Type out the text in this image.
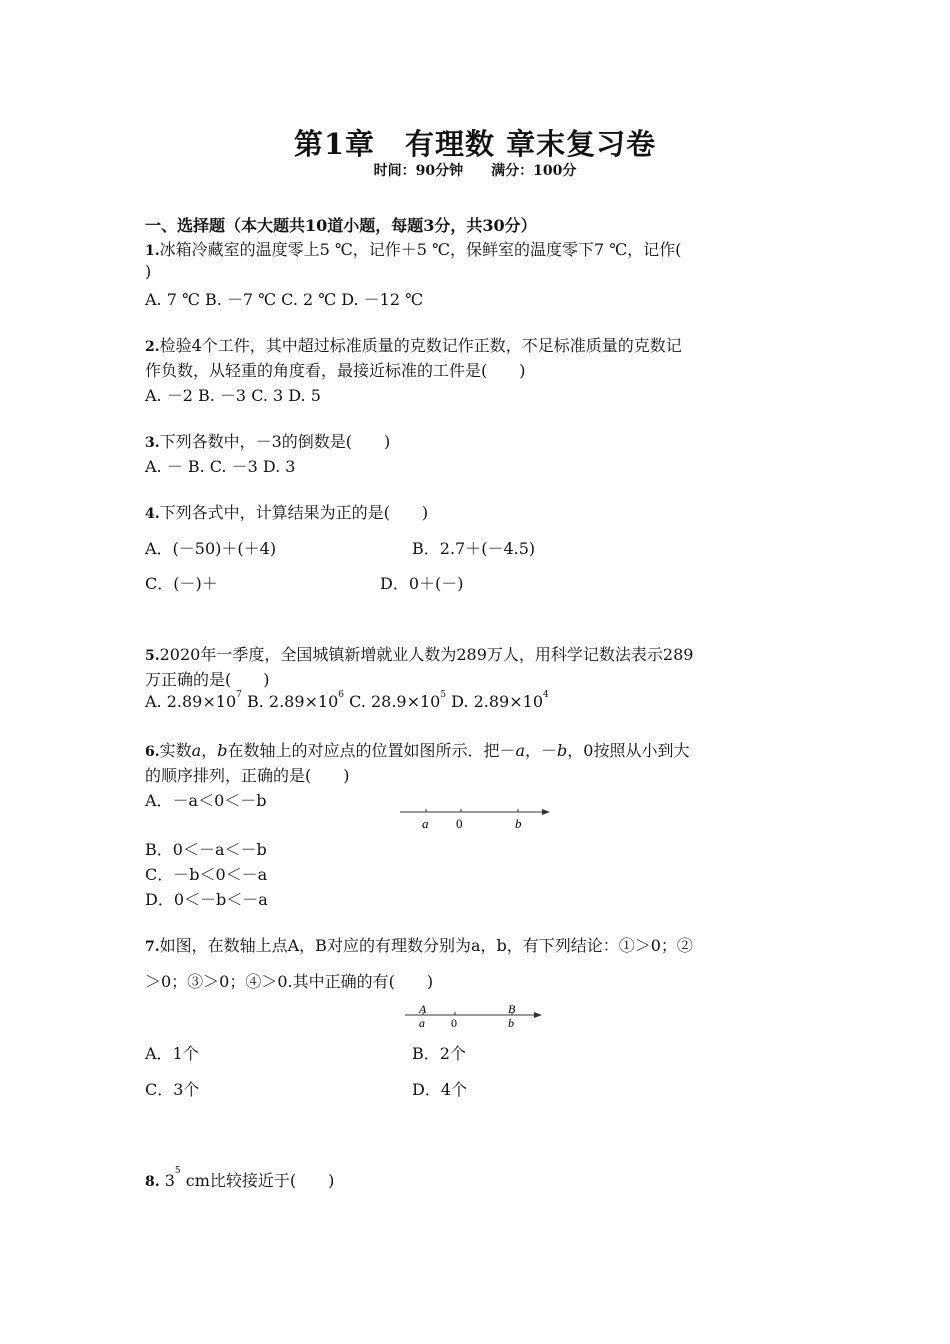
第1章　有理数 章末复习卷
时间：90分钟　　满分：100分
一、选择题（本大题共10道小题，每题3分，共30分）
1.冰箱冷藏室的温度零上5 ℃，记作＋5 ℃，保鲜室的温度零下7 ℃，记作(
)
A. 7 ℃ B. －7 ℃ C. 2 ℃ D. －12 ℃
2.检验4个工件，其中超过标准质量的克数记作正数，不足标准质量的克数记
作负数，从轻重的角度看，最接近标准的工件是(　　)
A. －2 B. －3 C. 3 D. 5
3.下列各数中，－3的倒数是(　　)
A. － B. C. －3 D. 3
4.下列各式中，计算结果为正的是(　　)
A．(－50)＋(＋4)	B．2.7＋(－4.5)
C．(－)＋	D．0＋(－)
5.2020年一季度，全国城镇新增就业人数为289万人，用科学记数法表示289
万正确的是(　　)
A. $2.89\times 10^7$ B. $2.89\times 10^6$ C. $28.9\times 10^5$ D. $2.89\times 10^4$
6.实数a，b在数轴上的对应点的位置如图所示．把－a，－b，0按照从小到大
的顺序排列，正确的是(　　)
A．－a＜0＜－b
B．0＜－a＜－b
C．－b＜0＜－a
D．0＜－b＜－a
a 0	b
7.如图，在数轴上点A，B对应的有理数分别为a，b，有下列结论：①＞0；②
＞0；③＞0；④＞0.其中正确的有(　　)
A	B
a 0	b
A．1个	B．2个
C．3个	D．4个
8. $3^5$ cm比较接近于(　　)
